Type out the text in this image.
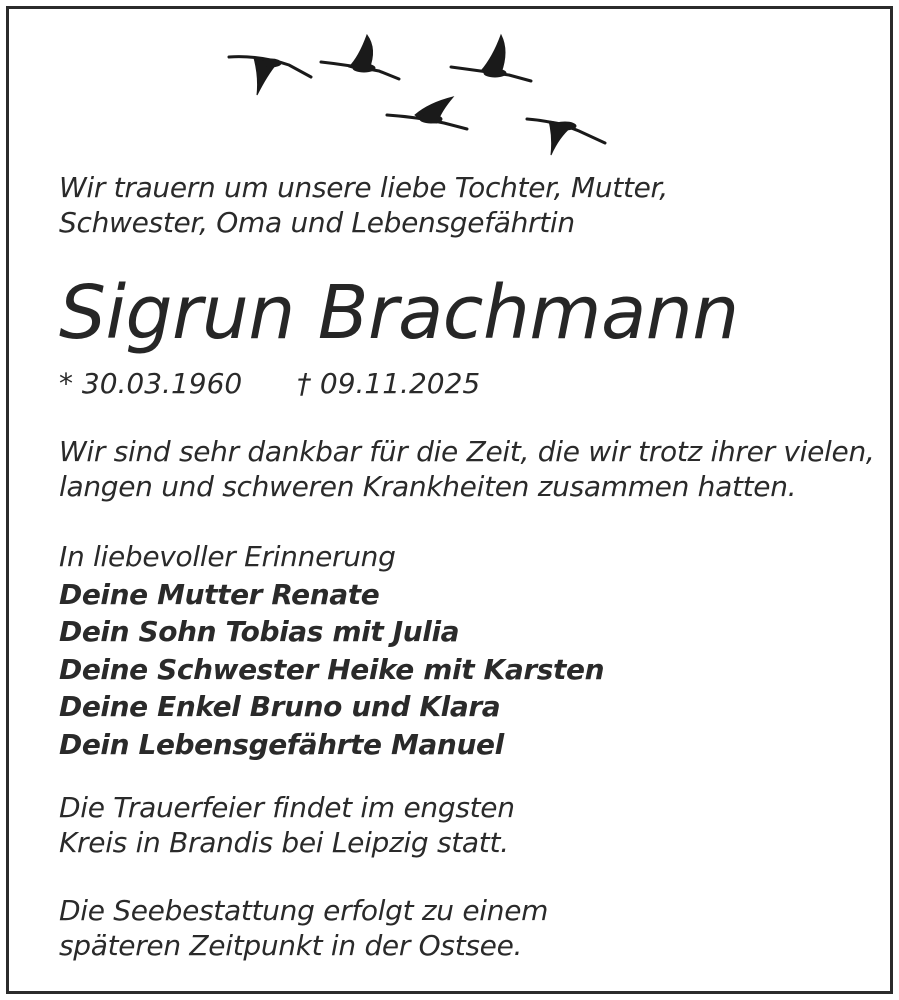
Wir trauern um unsere liebe Tochter, Mutter,
Schwester, Oma und Lebensgefährtin

Sigrun Brachmann
* 30.03.1960 † 09.11.2025

Wir sind sehr dankbar für die Zeit, die wir trotz ihrer vielen,
langen und schweren Krankheiten zusammen hatten.

In liebevoller Erinnerung
Deine Mutter Renate
Dein Sohn Tobias mit Julia
Deine Schwester Heike mit Karsten
Deine Enkel Bruno und Klara
Dein Lebensgefährte Manuel

Die Trauerfeier findet im engsten
Kreis in Brandis bei Leipzig statt.

Die Seebestattung erfolgt zu einem
späteren Zeitpunkt in der Ostsee.
